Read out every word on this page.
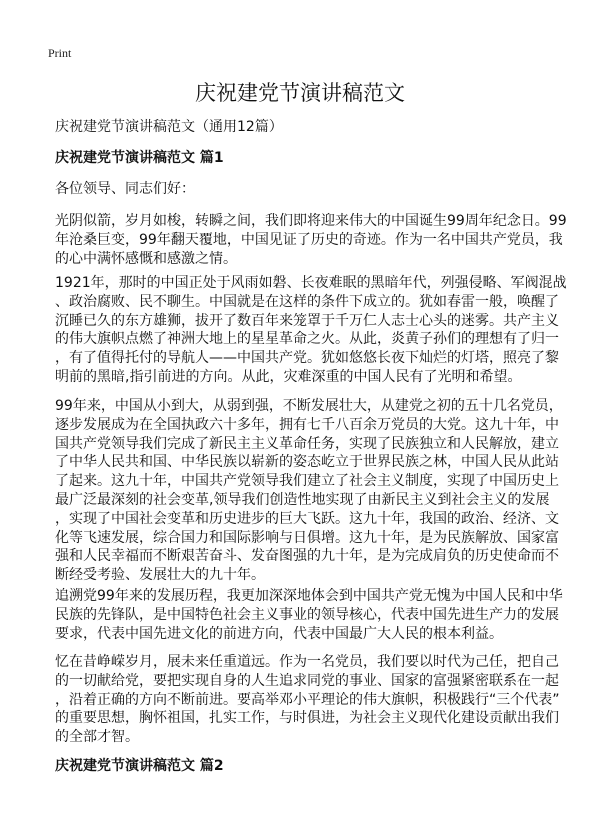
Print
庆祝建党节演讲稿范文
庆祝建党节演讲稿范文（通用12篇）
庆祝建党节演讲稿范文 篇1
各位领导、同志们好：
光阴似箭，岁月如梭，转瞬之间，我们即将迎来伟大的中国诞生99周年纪念日。99
年沧桑巨变，99年翻天覆地，中国见证了历史的奇迹。作为一名中国共产党员，我
的心中满怀感慨和感激之情。
1921年，那时的中国正处于风雨如磐、长夜难眠的黑暗年代，列强侵略、军阀混战
、政治腐败、民不聊生。中国就是在这样的条件下成立的。犹如春雷一般，唤醒了
沉睡已久的东方雄狮，拔开了数百年来笼罩于千万仁人志士心头的迷雾。共产主义
的伟大旗帜点燃了神洲大地上的星星革命之火。从此，炎黄子孙们的理想有了归一
，有了值得托付的导航人——中国共产党。犹如悠悠长夜下灿烂的灯塔，照亮了黎
明前的黑暗,指引前进的方向。从此，灾难深重的中国人民有了光明和希望。
99年来，中国从小到大，从弱到强，不断发展壮大，从建党之初的五十几名党员，
逐步发展成为在全国执政六十多年，拥有七千八百余万党员的大党。这九十年，中
国共产党领导我们完成了新民主主义革命任务，实现了民族独立和人民解放，建立
了中华人民共和国、中华民族以崭新的姿态屹立于世界民族之林，中国人民从此站
了起来。这九十年，中国共产党领导我们建立了社会主义制度，实现了中国历史上
最广泛最深刻的社会变革,领导我们创造性地实现了由新民主义到社会主义的发展
，实现了中国社会变革和历史进步的巨大飞跃。这九十年，我国的政治、经济、文
化等飞速发展，综合国力和国际影响与日俱增。这九十年，是为民族解放、国家富
强和人民幸福而不断艰苦奋斗、发奋图强的九十年，是为完成肩负的历史使命而不
断经受考验、发展壮大的九十年。
追溯党99年来的发展历程，我更加深深地体会到中国共产党无愧为中国人民和中华
民族的先锋队，是中国特色社会主义事业的领导核心，代表中国先进生产力的发展
要求，代表中国先进文化的前进方向，代表中国最广大人民的根本利益。
忆在昔峥嵘岁月，展未来任重道远。作为一名党员，我们要以时代为己任，把自己
的一切献给党，要把实现自身的人生追求同党的事业、国家的富强紧密联系在一起
，沿着正确的方向不断前进。要高举邓小平理论的伟大旗帜，积极践行“三个代表”
的重要思想，胸怀祖国，扎实工作，与时俱进，为社会主义现代化建设贡献出我们
的全部才智。
庆祝建党节演讲稿范文 篇2
